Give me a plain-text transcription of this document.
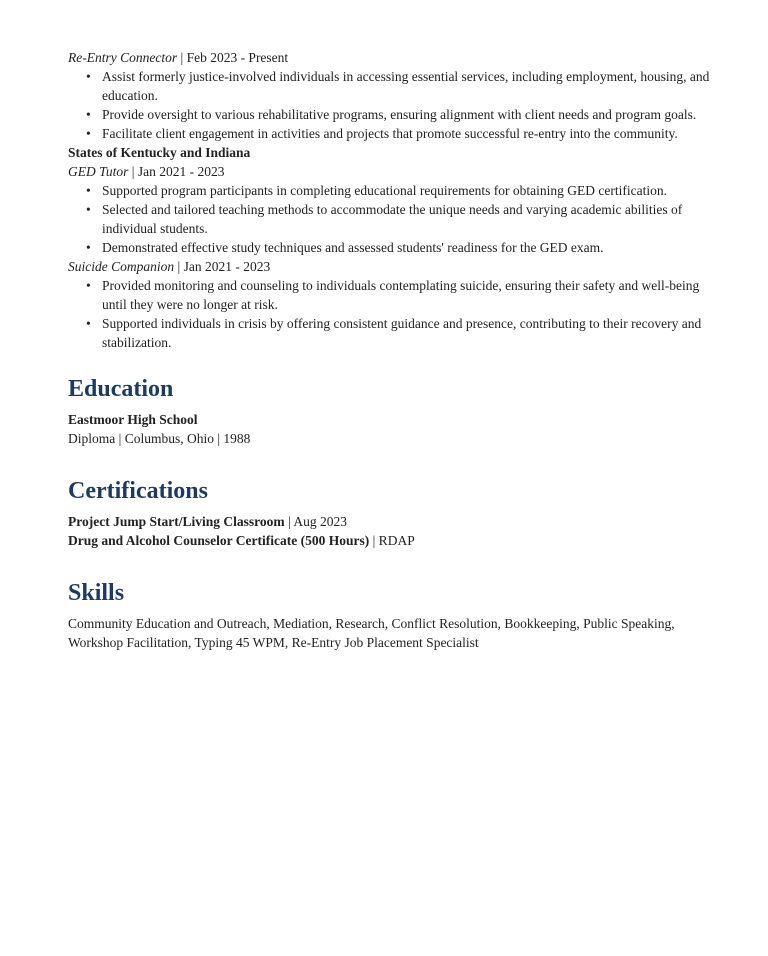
Re-Entry Connector | Feb 2023 - Present

• Assist formerly justice-involved individuals in accessing essential services, including employment, housing, and education.
• Provide oversight to various rehabilitative programs, ensuring alignment with client needs and program goals.
• Facilitate client engagement in activities and projects that promote successful re-entry into the community.

States of Kentucky and Indiana

GED Tutor | Jan 2021 - 2023

• Supported program participants in completing educational requirements for obtaining GED certification.
• Selected and tailored teaching methods to accommodate the unique needs and varying academic abilities of individual students.
• Demonstrated effective study techniques and assessed students' readiness for the GED exam.

Suicide Companion | Jan 2021 - 2023

• Provided monitoring and counseling to individuals contemplating suicide, ensuring their safety and well-being until they were no longer at risk.
• Supported individuals in crisis by offering consistent guidance and presence, contributing to their recovery and stabilization.
Education

Eastmoor High School

Diploma | Columbus, Ohio | 1988

Certifications

Project Jump Start/Living Classroom | Aug 2023

Drug and Alcohol Counselor Certificate (500 Hours) | RDAP

Skills

Community Education and Outreach, Mediation, Research, Conflict Resolution, Bookkeeping, Public Speaking, Workshop Facilitation, Typing 45 WPM, Re-Entry Job Placement Specialist
